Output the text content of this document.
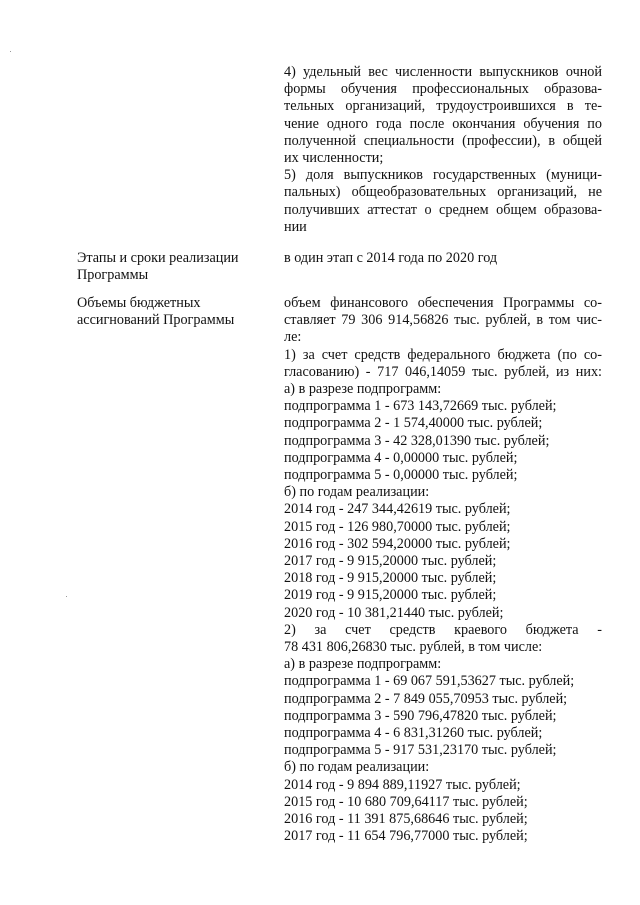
4) удельный вес численности выпускников очной
формы обучения профессиональных образова-
тельных организаций, трудоустроившихся в те-
чение одного года после окончания обучения по
полученной специальности (профессии), в общей
их численности;
5) доля выпускников государственных (муници-
пальных) общеобразовательных организаций, не
получивших аттестат о среднем общем образова-
нии
Этапы и сроки реализации
Программы
в один этап с 2014 года по 2020 год
Объемы бюджетных
ассигнований Программы
объем финансового обеспечения Программы со-
ставляет 79 306 914,56826 тыс. рублей, в том чис-
ле:
1) за счет средств федерального бюджета (по со-
гласованию) - 717 046,14059 тыс. рублей, из них:
а) в разрезе подпрограмм:
подпрограмма 1 - 673 143,72669 тыс. рублей;
подпрограмма 2 - 1 574,40000 тыс. рублей;
подпрограмма 3 - 42 328,01390 тыс. рублей;
подпрограмма 4 - 0,00000 тыс. рублей;
подпрограмма 5 - 0,00000 тыс. рублей;
б) по годам реализации:
2014 год - 247 344,42619 тыс. рублей;
2015 год - 126 980,70000 тыс. рублей;
2016 год - 302 594,20000 тыс. рублей;
2017 год - 9 915,20000 тыс. рублей;
2018 год - 9 915,20000 тыс. рублей;
2019 год - 9 915,20000 тыс. рублей;
2020 год - 10 381,21440 тыс. рублей;
2) за счет средств краевого бюджета -
78 431 806,26830 тыс. рублей, в том числе:
а) в разрезе подпрограмм:
подпрограмма 1 - 69 067 591,53627 тыс. рублей;
подпрограмма 2 - 7 849 055,70953 тыс. рублей;
подпрограмма 3 - 590 796,47820 тыс. рублей;
подпрограмма 4 - 6 831,31260 тыс. рублей;
подпрограмма 5 - 917 531,23170 тыс. рублей;
б) по годам реализации:
2014 год - 9 894 889,11927 тыс. рублей;
2015 год - 10 680 709,64117 тыс. рублей;
2016 год - 11 391 875,68646 тыс. рублей;
2017 год - 11 654 796,77000 тыс. рублей;
